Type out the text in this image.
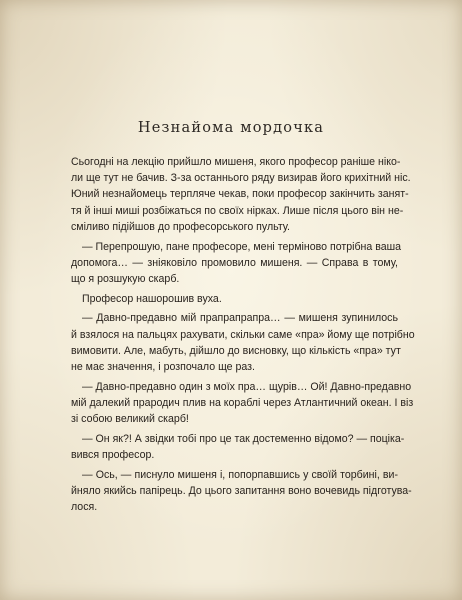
Незнайома мордочка
Сьогодні на лекцію прийшло мишеня, якого професор раніше ніко-
ли ще тут не бачив. З-за останнього ряду визирав його крихітний ніс.
Юний незнайомець терпляче чекав, поки професор закінчить занят-
тя й інші миші розбіжаться по своїх нірках. Лише після цього він не-
сміливо підійшов до професорського пульту.
— Перепрошую, пане професоре, мені терміново потрібна ваша
допомога… — зніяковіло промовило мишеня. — Справа в тому,
що я розшукую скарб.
Професор нашорошив вуха.
— Давно-предавно мій прапрапрапра… — мишеня зупинилось
й взялося на пальцях рахувати, скільки саме «пра» йому ще потрібно
вимовити. Але, мабуть, дійшло до висновку, що кількість «пра» тут
не має значення, і розпочало ще раз.
— Давно-предавно один з моїх пра… щурів… Ой! Давно-предавно
мій далекий прародич плив на кораблі через Атлантичний океан. І віз
зі собою великий скарб!
— Он як?! А звідки тобі про це так достеменно відомо? — поціка-
вився професор.
— Ось, — писнуло мишеня і, попорпавшись у своїй торбині, ви-
йняло якийсь папірець. До цього запитання воно вочевидь підготува-
лося.
